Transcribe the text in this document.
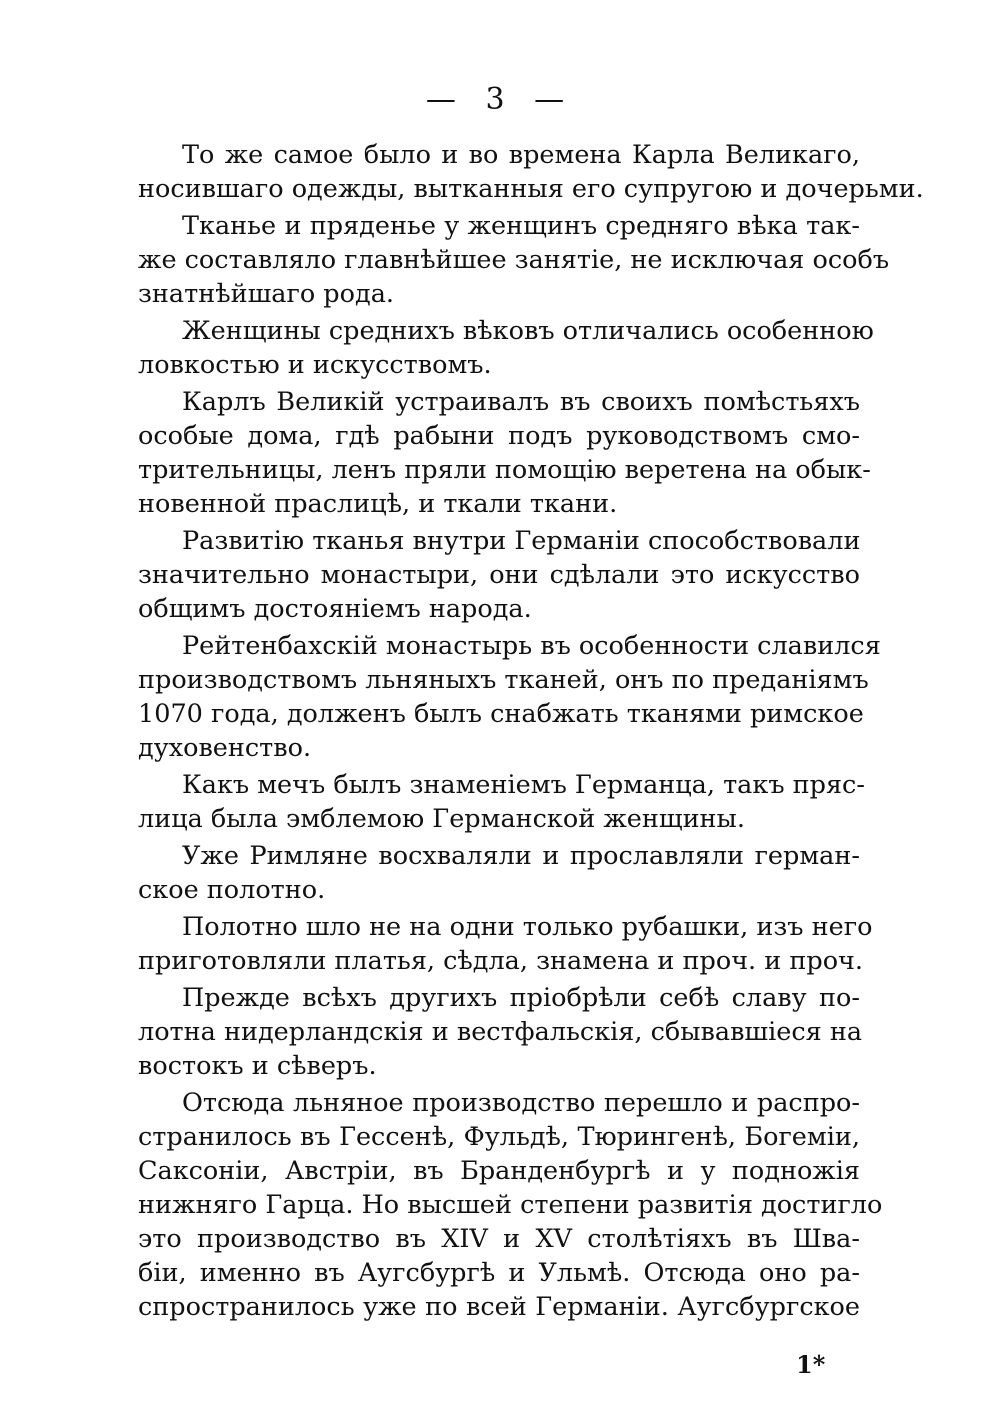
— 3 —
То же самое было и во времена Карла Великаго,
носившаго одежды, вытканныя его супругою и дочерьми.
Тканье и пряденье у женщинъ средняго вѣка так-
же составляло главнѣйшее занятіе, не исключая особъ
знатнѣйшаго рода.
Женщины среднихъ вѣковъ отличались особенною
ловкостью и искусствомъ.
Карлъ Великій устраивалъ въ своихъ помѣстьяхъ
особые дома, гдѣ рабыни подъ руководствомъ смо-
трительницы, ленъ пряли помощію веретена на обык-
новенной праслицѣ, и ткали ткани.
Развитію тканья внутри Германіи способствовали
значительно монастыри, они сдѣлали это искусство
общимъ достояніемъ народа.
Рейтенбахскій монастырь въ особенности славился
производствомъ льняныхъ тканей, онъ по преданіямъ
1070 года, долженъ былъ снабжать тканями римское
духовенство.
Какъ мечъ былъ знаменіемъ Германца, такъ пряс-
лица была эмблемою Германской женщины.
Уже Римляне восхваляли и прославляли герман-
ское полотно.
Полотно шло не на одни только рубашки, изъ него
приготовляли платья, сѣдла, знамена и проч. и проч.
Прежде всѣхъ другихъ пріобрѣли себѣ славу по-
лотна нидерландскія и вестфальскія, сбывавшіеся на
востокъ и сѣверъ.
Отсюда льняное производство перешло и распро-
странилось въ Гессенѣ, Фульдѣ, Тюрингенѣ, Богеміи,
Саксоніи, Австріи, въ Бранденбургѣ и у подножія
нижняго Гарца. Но высшей степени развитія достигло
это производство въ XIV и XV столѣтіяхъ въ Шва-
біи, именно въ Аугсбургѣ и Ульмѣ. Отсюда оно ра-
спространилось уже по всей Германіи. Аугсбургское
1*
